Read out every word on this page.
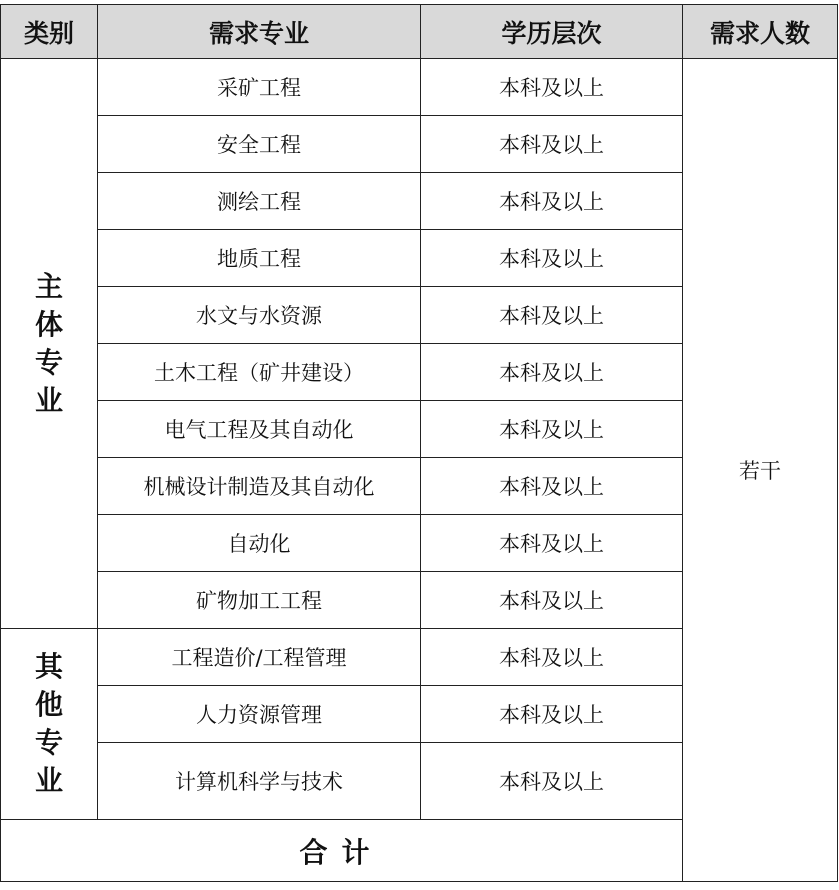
类别	需求专业	学历层次	需求人数

主
体
专
业	采矿工程	本科及以上	若干
	安全工程	本科及以上	
	测绘工程	本科及以上	
	地质工程	本科及以上	
	水文与水资源	本科及以上	
	土木工程（矿井建设）	本科及以上	
	电气工程及其自动化	本科及以上	
	机械设计制造及其自动化	本科及以上	
	自动化	本科及以上	
	矿物加工工程	本科及以上	

其
他
专
业	工程造价/工程管理	本科及以上	
	人力资源管理	本科及以上	
	计算机科学与技术	本科及以上	
合计			
